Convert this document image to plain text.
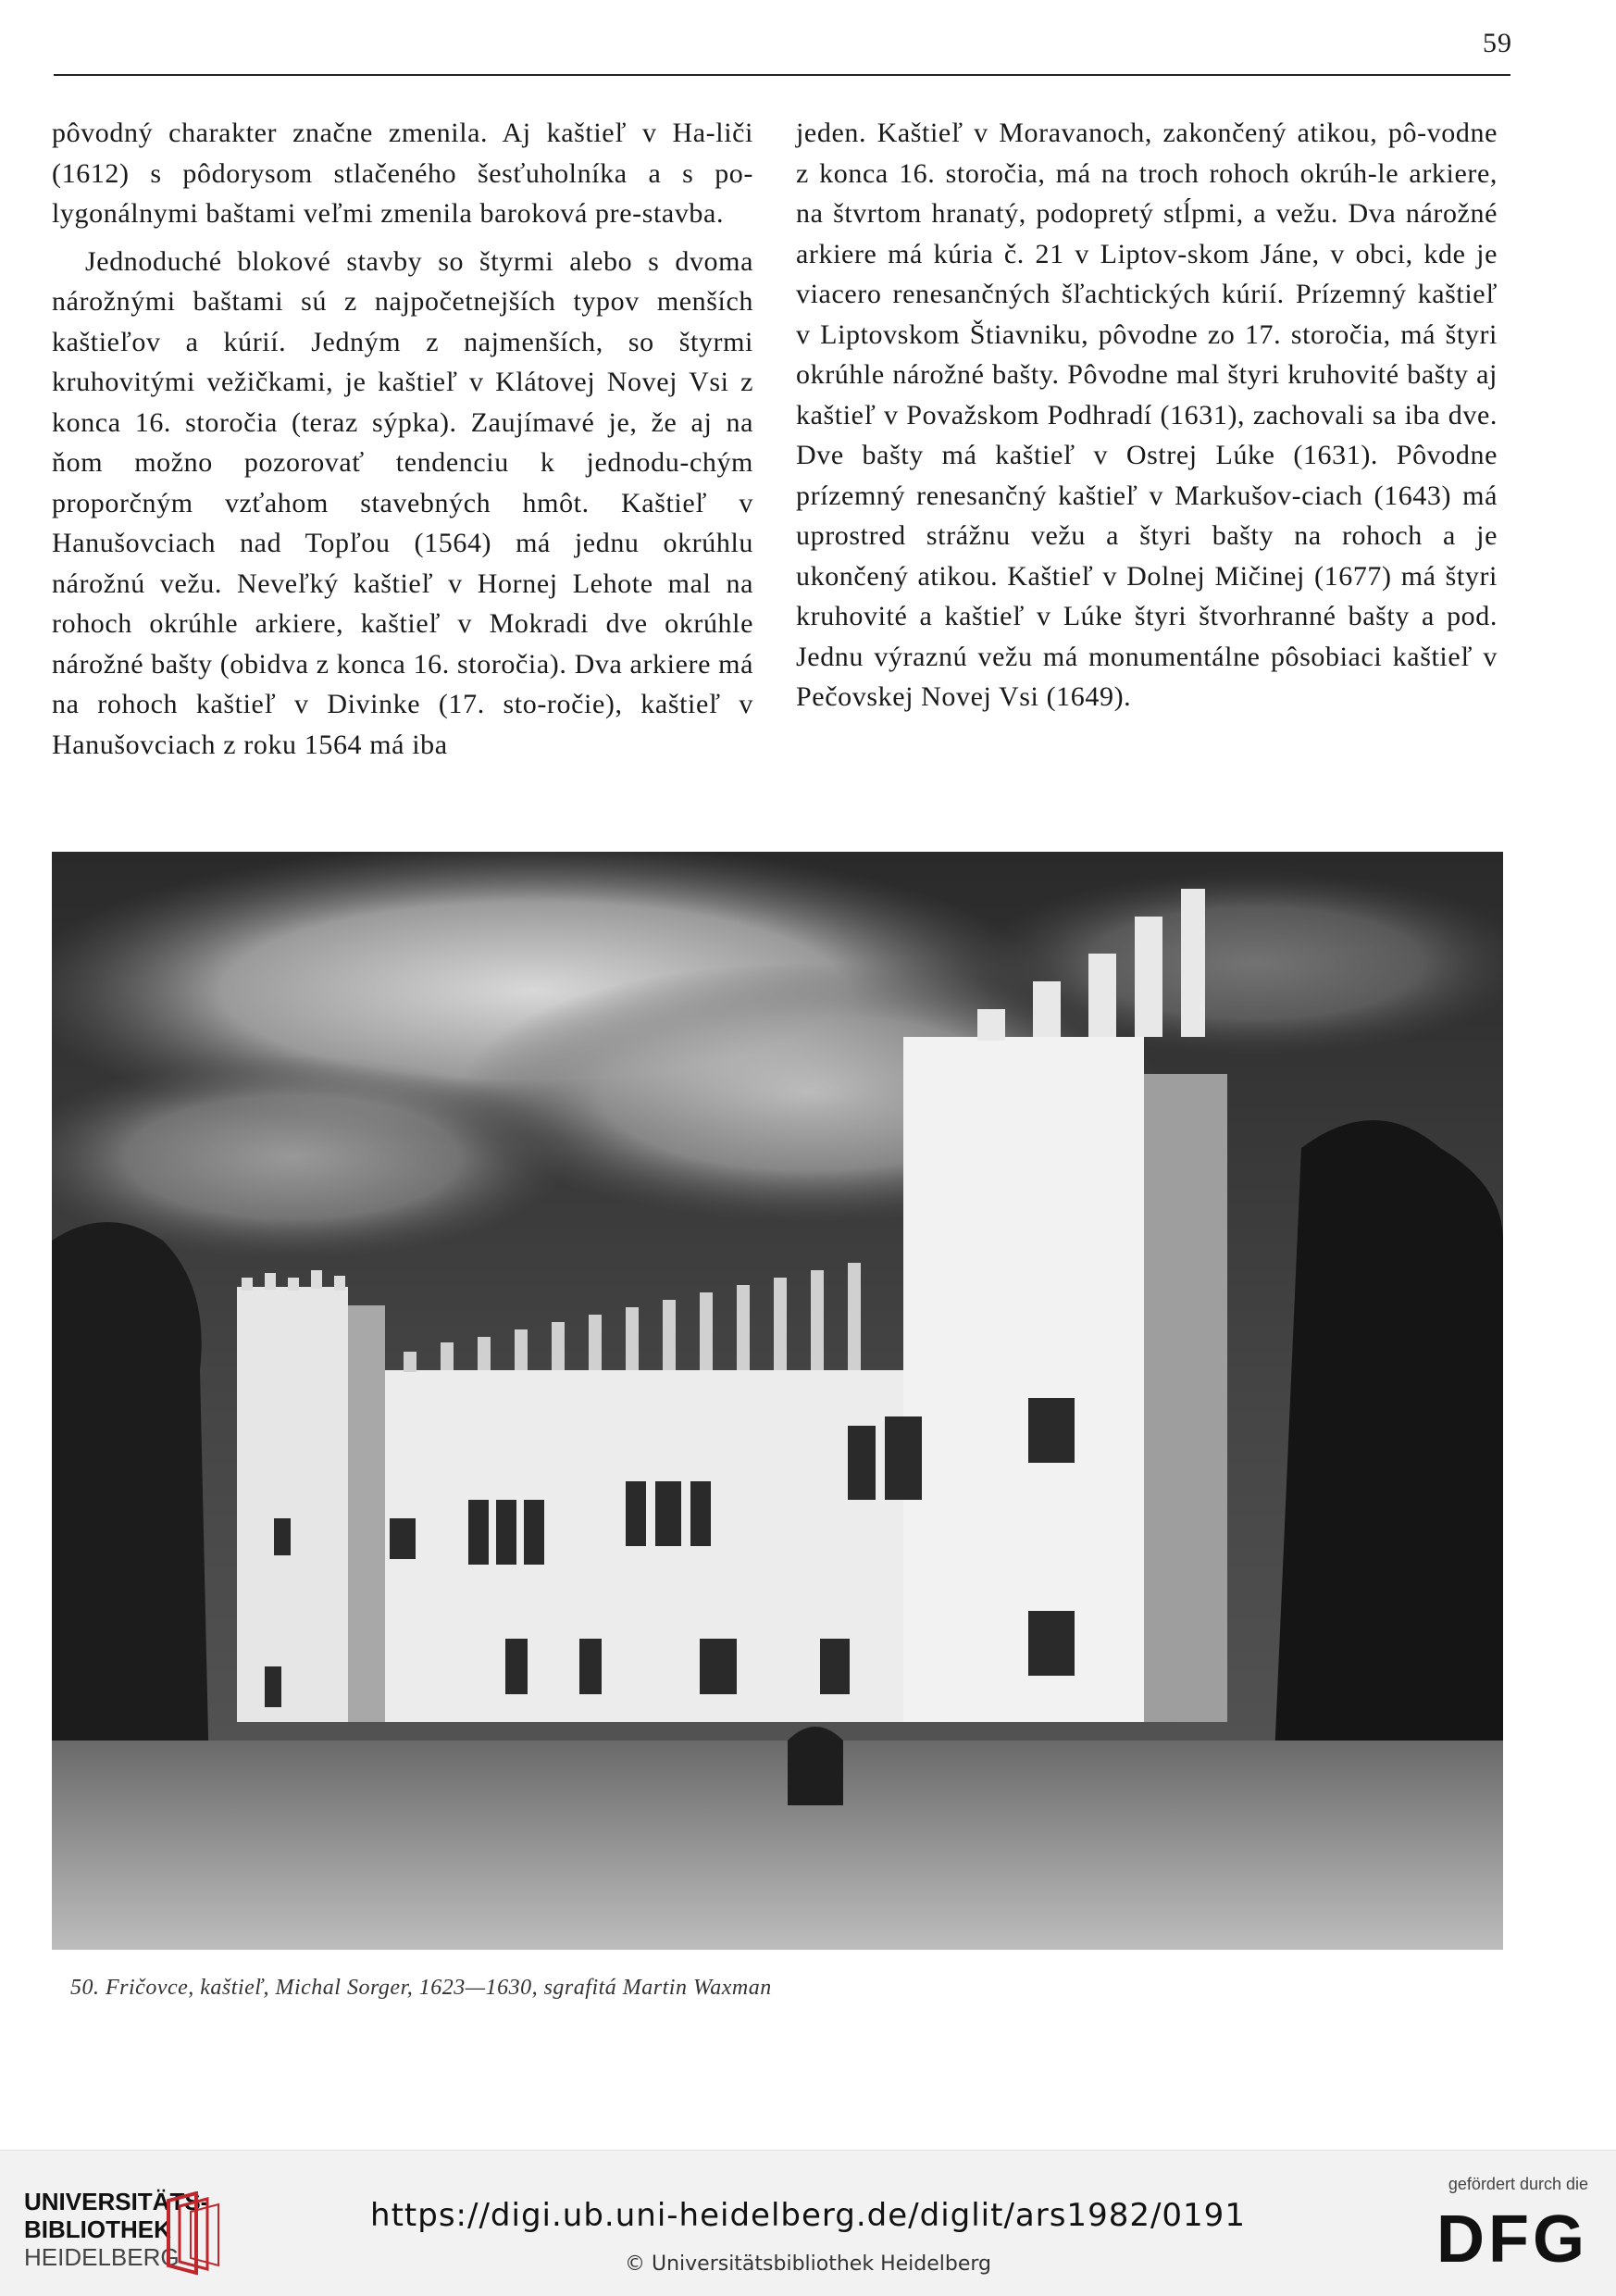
59

pôvodný charakter značne zmenila. Aj kaštieľ v Ha-liči (1612) s pôdorysom stlačeného šesťuholníka a s po-lygonálnymi baštami veľmi zmenila baroková pre-stavba.

Jednoduché blokové stavby so štyrmi alebo s dvoma nárožnými baštami sú z najpočetnejších typov menších kaštieľov a kúrií. Jedným z najmenších, so štyrmi kruhovitými vežičkami, je kaštieľ v Klátovej Novej Vsi z konca 16. storočia (teraz sýpka). Zaujímavé je, že aj na ňom možno pozorovať tendenciu k jednodu-chým proporčným vzťahom stavebných hmôt. Kaštieľ v Hanušovciach nad Topľou (1564) má jednu okrúhlu nárožnú vežu. Neveľký kaštieľ v Hornej Lehote mal na rohoch okrúhle arkiere, kaštieľ v Mokradi dve okrúhle nárožné bašty (obidva z konca 16. storočia). Dva arkiere má na rohoch kaštieľ v Divinke (17. sto-ročie), kaštieľ v Hanušovciach z roku 1564 má iba

jeden. Kaštieľ v Moravanoch, zakončený atikou, pô-vodne z konca 16. storočia, má na troch rohoch okrúh-le arkiere, na štvrtom hranatý, podopretý stĺpmi, a vežu. Dva nárožné arkiere má kúria č. 21 v Liptov-skom Jáne, v obci, kde je viacero renesančných šľachtických kúrií. Prízemný kaštieľ v Liptovskom Štiavniku, pôvodne zo 17. storočia, má štyri okrúhle nárožné bašty. Pôvodne mal štyri kruhovité bašty aj kaštieľ v Považskom Podhradí (1631), zachovali sa iba dve. Dve bašty má kaštieľ v Ostrej Lúke (1631). Pôvodne prízemný renesančný kaštieľ v Markušov-ciach (1643) má uprostred strážnu vežu a štyri bašty na rohoch a je ukončený atikou. Kaštieľ v Dolnej Mičinej (1677) má štyri kruhovité a kaštieľ v Lúke štyri štvorhranné bašty a pod. Jednu výraznú vežu má monumentálne pôsobiaci kaštieľ v Pečovskej Novej Vsi (1649).

50. Fričovce, kaštieľ, Michal Sorger, 1623—1630, sgrafitá Martin Waxman
UNIVERSITÄTS-
BIBLIOTHEK
HEIDELBERG
https://digi.ub.uni-heidelberg.de/diglit/ars1982/0191
© Universitätsbibliothek Heidelberg
gefördert durch die
DFG
